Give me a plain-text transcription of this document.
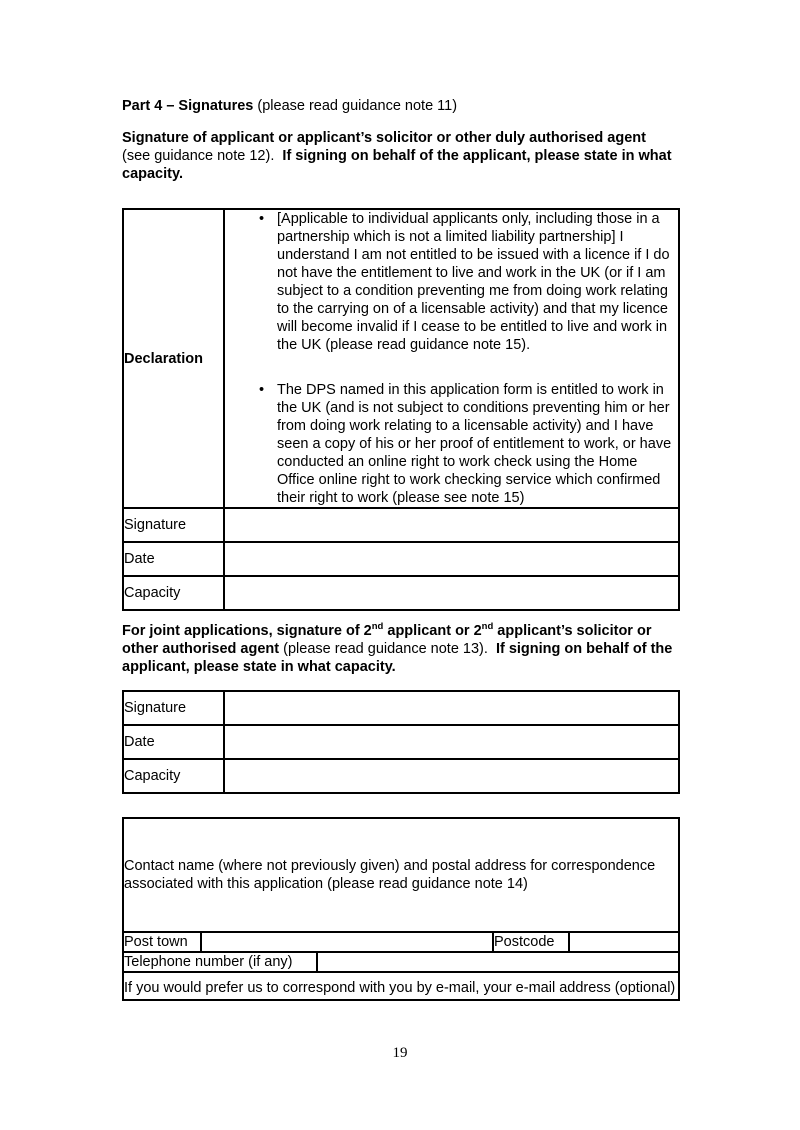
Part 4 – Signatures (please read guidance note 11)
Signature of applicant or applicant’s solicitor or other duly authorised agent (see guidance note 12).  If signing on behalf of the applicant, please state in what capacity.
Declaration	• [Applicable to individual applicants only, including those in a partnership which is not a limited liability partnership] I understand I am not entitled to be issued with a licence if I do not have the entitlement to live and work in the UK (or if I am subject to a condition preventing me from doing work relating to the carrying on of a licensable activity) and that my licence will become invalid if I cease to be entitled to live and work in the UK (please read guidance note 15).
• The DPS named in this application form is entitled to work in the UK (and is not subject to conditions preventing him or her from doing work relating to a licensable activity) and I have seen a copy of his or her proof of entitlement to work, or have conducted an online right to work check using the Home Office online right to work checking service which confirmed their right to work (please see note 15)

Signature	
Date	
Capacity	
For joint applications, signature of 2nd applicant or 2nd applicant’s solicitor or other authorised agent (please read guidance note 13).  If signing on behalf of the applicant, please state in what capacity.
Signature	
Date	
Capacity	
Contact name (where not previously given) and postal address for correspondence associated with this application (please read guidance note 14)				
Post town			Postcode	
Telephone number (if any)				
If you would prefer us to correspond with you by e-mail, your e-mail address (optional)				
19
